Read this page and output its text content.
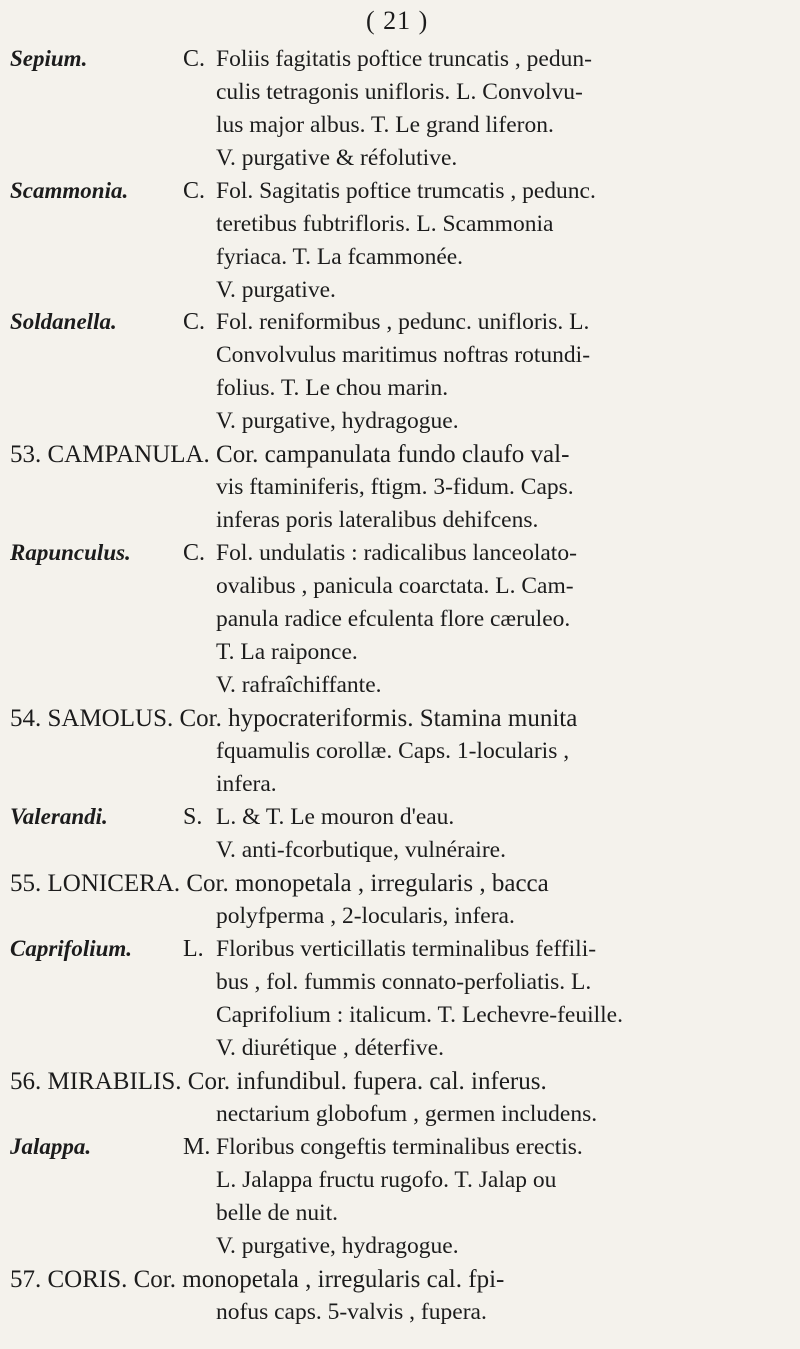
( 21 )
Sepium.	C. Foliis fagitatis poftice truncatis , pedun-
culis tetragonis unifloris. L. Convolvu-
lus major albus. T. Le grand liferon.
V. purgative & réfolutive.
Scammonia. C. Fol. Sagitatis poftice trumcatis , pedunc.
teretibus fubtrifloris. L. Scammonia
fyriaca. T. La fcammonée.
V. purgative.
Soldanella.	C. Fol. reniformibus , pedunc. unifloris. L.
Convolvulus maritimus noftras rotundi-
folius. T. Le chou marin.
V. purgative, hydragogue.
53. CAMPANULA. Cor. campanulata fundo claufo val-
vis ftaminiferis, ftigm. 3-fidum. Caps.
inferas poris lateralibus dehifcens.
Rapunculus. C. Fol. undulatis : radicalibus lanceolato-
ovalibus , panicula coarctata. L. Cam-
panula radice efculenta flore cæruleo.
T. La raiponce.
V. rafraîchiffante.
54. SAMOLUS. Cor. hypocrateriformis. Stamina munita
fquamulis corollæ. Caps. 1-locularis ,
infera.
Valerandi.	S. L. & T. Le mouron d'eau.
V. anti-fcorbutique, vulnéraire.
55. LONICERA. Cor. monopetala , irregularis , bacca
polyfperma , 2-locularis, infera.
Caprifolium. L. Floribus verticillatis terminalibus feffili-
bus , fol. fummis connato-perfoliatis. L.
Caprifolium : italicum. T. Lechevre-feuille.
V. diurétique , déterfive.
56. MIRABILIS. Cor. infundibul. fupera. cal. inferus.
nectarium globofum , germen includens.
Jalappa.	M. Floribus congeftis terminalibus erectis.
L. Jalappa fructu rugofo. T. Jalap ou
belle de nuit.
V. purgative, hydragogue.
57. CORIS. Cor. monopetala , irregularis cal. fpi-
nofus caps. 5-valvis , fupera.
